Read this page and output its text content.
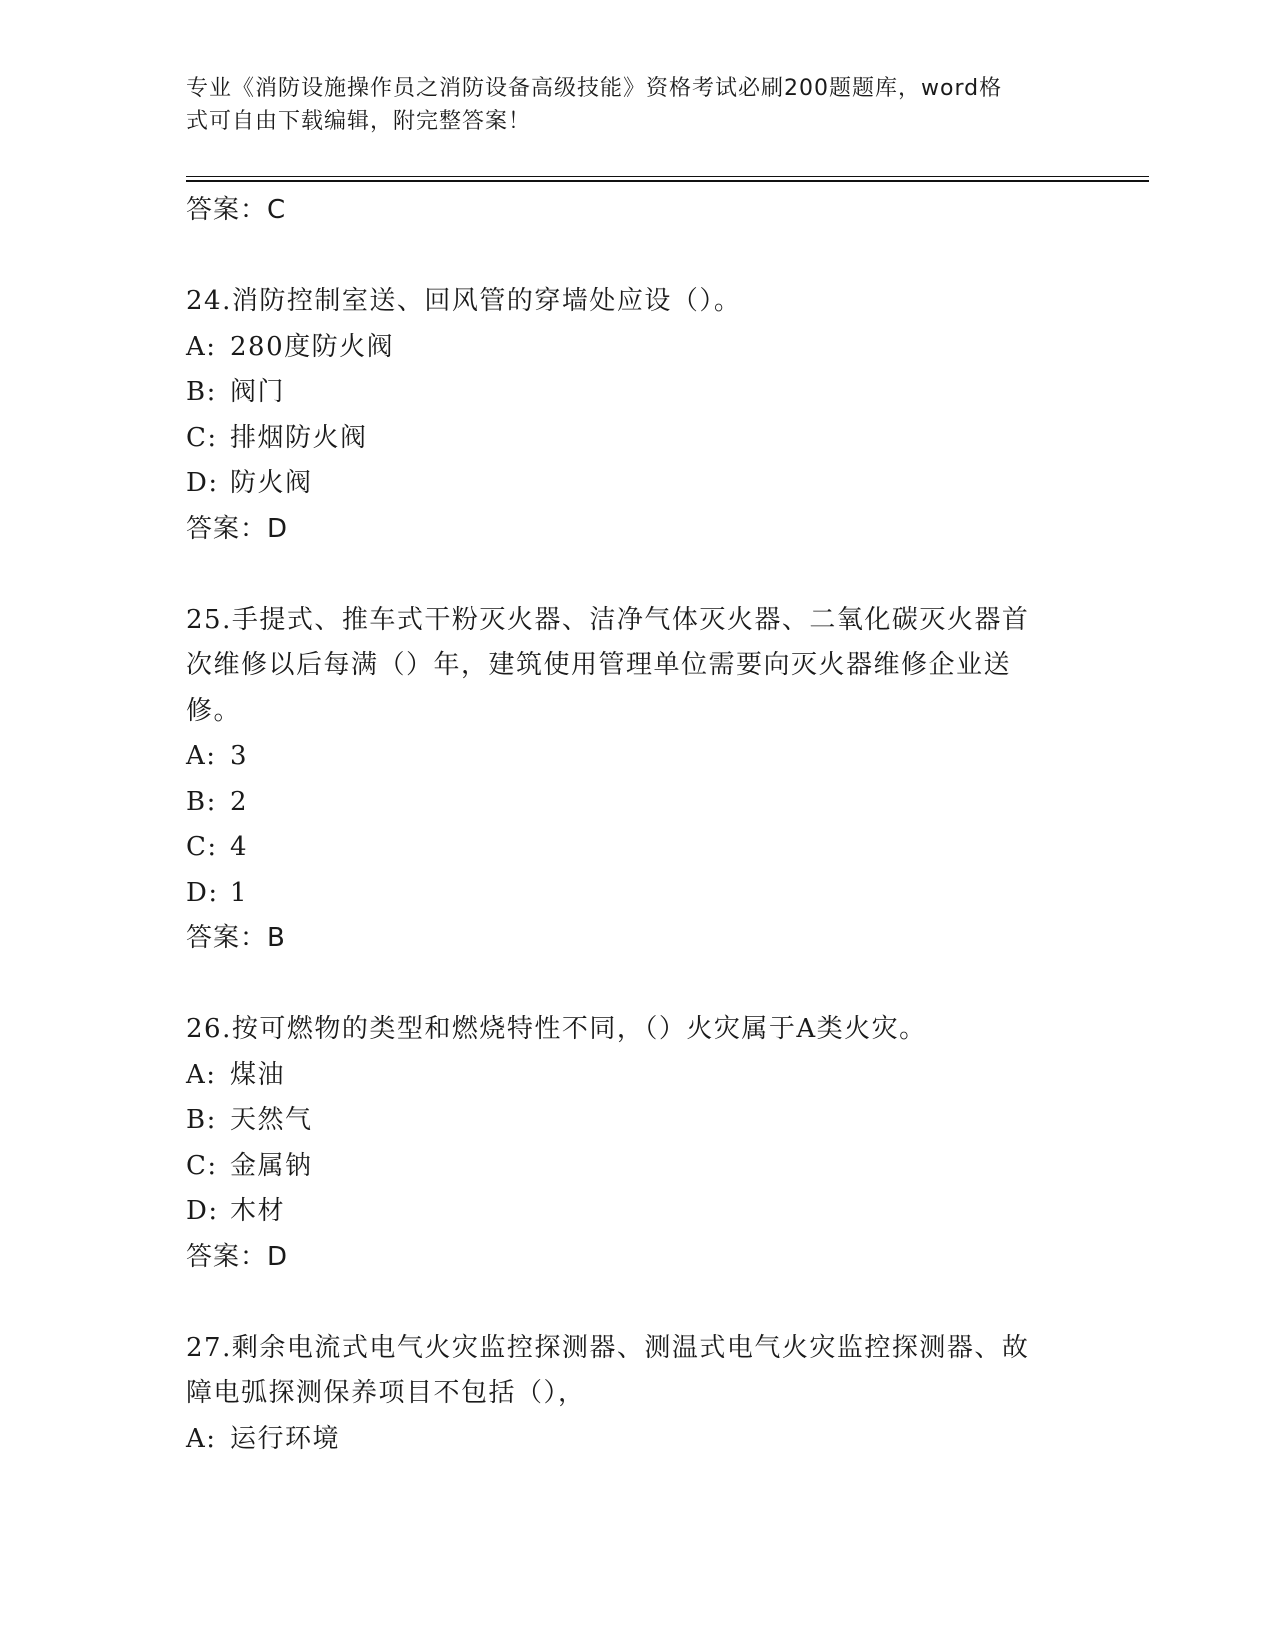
专业《消防设施操作员之消防设备高级技能》资格考试必刷200题题库，word格
式可自由下载编辑，附完整答案！
答案：C
24.消防控制室送、回风管的穿墙处应设（）。
A: 280度防火阀
B: 阀门
C: 排烟防火阀
D: 防火阀
答案：D
25.手提式、推车式干粉灭火器、洁净气体灭火器、二氧化碳灭火器首
次维修以后每满（）年，建筑使用管理单位需要向灭火器维修企业送
修。
A: 3
B: 2
C: 4
D: 1
答案：B
26.按可燃物的类型和燃烧特性不同，（）火灾属于A类火灾。
A: 煤油
B: 天然气
C: 金属钠
D: 木材
答案：D
27.剩余电流式电气火灾监控探测器、测温式电气火灾监控探测器、故
障电弧探测保养项目不包括（），
A: 运行环境
